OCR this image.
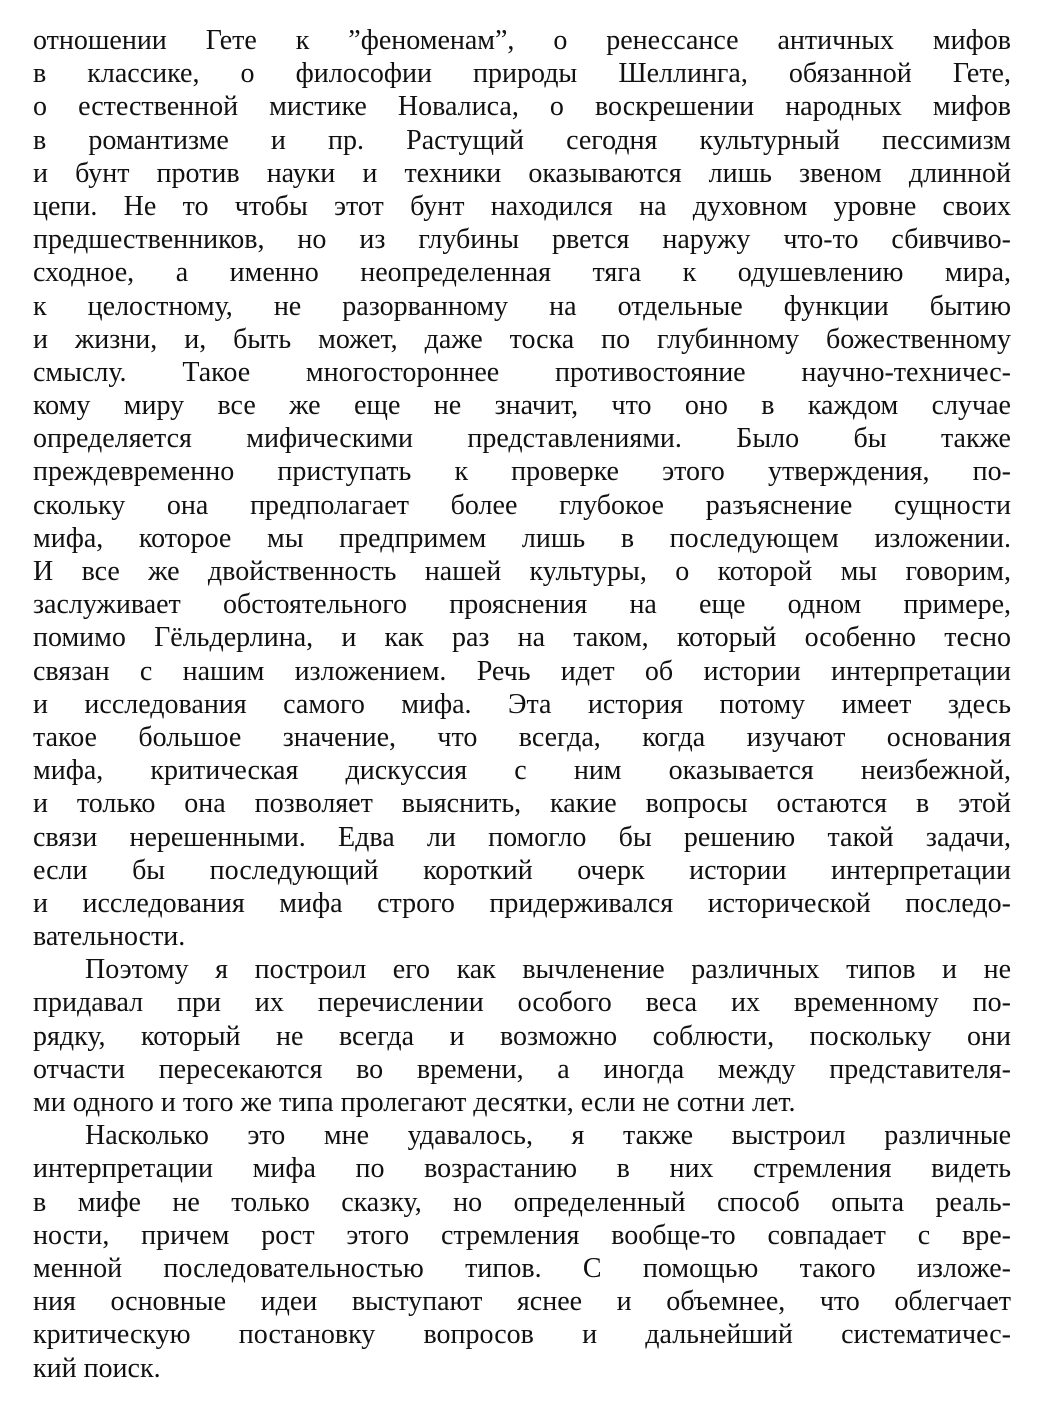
отношении Гете к ”феноменам”, о ренессансе античных мифов
в классике, о философии природы Шеллинга, обязанной Гете,
о естественной мистике Новалиса, о воскрешении народных мифов
в романтизме и пр. Растущий сегодня культурный пессимизм
и бунт против науки и техники оказываются лишь звеном длинной
цепи. Не то чтобы этот бунт находился на духовном уровне своих
предшественников, но из глубины рвется наружу что-то сбивчиво-
сходное, а именно неопределенная тяга к одушевлению мира,
к целостному, не разорванному на отдельные функции бытию
и жизни, и, быть может, даже тоска по глубинному божественному
смыслу. Такое многостороннее противостояние научно-техничес-
кому миру все же еще не значит, что оно в каждом случае
определяется мифическими представлениями. Было бы также
преждевременно приступать к проверке этого утверждения, по-
скольку она предполагает более глубокое разъяснение сущности
мифа, которое мы предпримем лишь в последующем изложении.
И все же двойственность нашей культуры, о которой мы говорим,
заслуживает обстоятельного прояснения на еще одном примере,
помимо Гёльдерлина, и как раз на таком, который особенно тесно
связан с нашим изложением. Речь идет об истории интерпретации
и исследования самого мифа. Эта история потому имеет здесь
такое большое значение, что всегда, когда изучают основания
мифа, критическая дискуссия с ним оказывается неизбежной,
и только она позволяет выяснить, какие вопросы остаются в этой
связи нерешенными. Едва ли помогло бы решению такой задачи,
если бы последующий короткий очерк истории интерпретации
и исследования мифа строго придерживался исторической последо-
вательности.
Поэтому я построил его как вычленение различных типов и не
придавал при их перечислении особого веса их временному по-
рядку, который не всегда и возможно соблюсти, поскольку они
отчасти пересекаются во времени, а иногда между представителя-
ми одного и того же типа пролегают десятки, если не сотни лет.
Насколько это мне удавалось, я также выстроил различные
интерпретации мифа по возрастанию в них стремления видеть
в мифе не только сказку, но определенный способ опыта реаль-
ности, причем рост этого стремления вообще-то совпадает с вре-
менной последовательностью типов. С помощью такого изложе-
ния основные идеи выступают яснее и объемнее, что облегчает
критическую постановку вопросов и дальнейший систематичес-
кий поиск.
